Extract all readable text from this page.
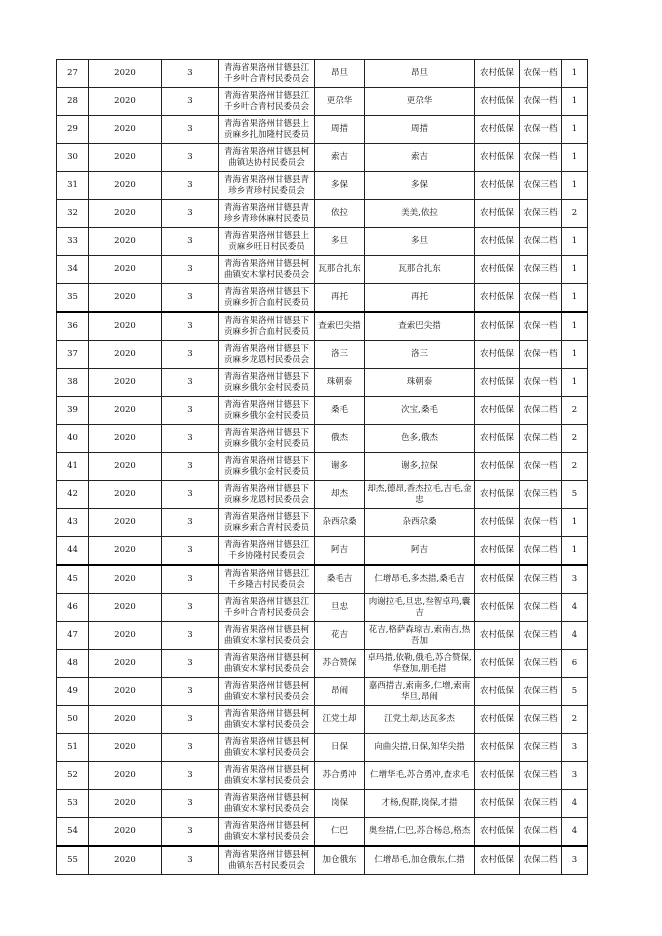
27	2020	3	青海省果洛州甘德县江千乡叶合青村民委员会	昂旦	昂旦	农村低保	农保一档	1
28	2020	3	青海省果洛州甘德县江千乡叶合青村民委员会	更尕华	更尕华	农村低保	农保一档	1
29	2020	3	青海省果洛州甘德县上贡麻乡扎加隆村民委员	周措	周措	农村低保	农保一档	1
30	2020	3	青海省果洛州甘德县柯曲镇达协村民委员会	索吉	索吉	农村低保	农保一档	1
31	2020	3	青海省果洛州甘德县青珍乡青珍村民委员会	多保	多保	农村低保	农保三档	1
32	2020	3	青海省果洛州甘德县青珍乡青珍休麻村民委员	依拉	美美,依拉	农村低保	农保三档	2
33	2020	3	青海省果洛州甘德县上贡麻乡旺日村民委员	多旦	多旦	农村低保	农保二档	1
34	2020	3	青海省果洛州甘德县柯曲镇安木掌村民委员会	瓦那合扎东	瓦那合扎东	农村低保	农保三档	1
35	2020	3	青海省果洛州甘德县下贡麻乡折合血村民委员	再托	再托	农村低保	农保一档	1
36	2020	3	青海省果洛州甘德县下贡麻乡折合血村民委员	查索巴尖措	查索巴尖措	农村低保	农保一档	1
37	2020	3	青海省果洛州甘德县下贡麻乡龙恩村民委员会	洛三	洛三	农村低保	农保一档	1
38	2020	3	青海省果洛州甘德县下贡麻乡俄尔金村民委员	珠朝泰	珠朝泰	农村低保	农保一档	1
39	2020	3	青海省果洛州甘德县下贡麻乡俄尔金村民委员	桑毛	次宝,桑毛	农村低保	农保二档	2
40	2020	3	青海省果洛州甘德县下贡麻乡俄尔金村民委员	俄杰	色多,俄杰	农村低保	农保二档	2
41	2020	3	青海省果洛州甘德县下贡麻乡俄尔金村民委员	谢多	谢多,拉保	农村低保	农保一档	2
42	2020	3	青海省果洛州甘德县下贡麻乡龙恩村民委员会	却杰	却杰,德昂,香杰拉毛,吉毛,金忠	农村低保	农保三档	5
43	2020	3	青海省果洛州甘德县下贡麻乡索合青村民委员	杂西尕桑	杂西尕桑	农村低保	农保一档	1
44	2020	3	青海省果洛州甘德县江千乡协隆村民委员会	阿吉	阿吉	农村低保	农保二档	1
45	2020	3	青海省果洛州甘德县江千乡隆吉村民委员会	桑毛吉	仁增昂毛,多杰措,桑毛吉	农村低保	农保三档	3
46	2020	3	青海省果洛州甘德县江千乡叶合青村民委员会	旦忠	肉谢拉毛,旦忠,叁智卓玛,囊吉	农村低保	农保二档	4
47	2020	3	青海省果洛州甘德县柯曲镇安木掌村民委员会	花吉	花吉,格萨森琼吉,索南吉,热吾加	农村低保	农保三档	4
48	2020	3	青海省果洛州甘德县柯曲镇安木掌村民委员会	苏合赞保	卓玛措,依勒,俄毛,苏合赞保,华登加,朋毛措	农村低保	农保三档	6
49	2020	3	青海省果洛州甘德县柯曲镇安木掌村民委员会	昂闹	嘉西措吉,索南多,仁增,索南华旦,昂闹	农村低保	农保三档	5
50	2020	3	青海省果洛州甘德县柯曲镇安木掌村民委员会	江党土却	江党土却,达瓦多杰	农村低保	农保三档	2
51	2020	3	青海省果洛州甘德县柯曲镇安木掌村民委员会	日保	向曲尖措,日保,知华尖措	农村低保	农保三档	3
52	2020	3	青海省果洛州甘德县柯曲镇安木掌村民委员会	苏合勇冲	仁增华毛,苏合勇冲,查求毛	农村低保	农保三档	3
53	2020	3	青海省果洛州甘德县柯曲镇安木掌村民委员会	岗保	才杨,倪群,岗保,才措	农村低保	农保三档	4
54	2020	3	青海省果洛州甘德县柯曲镇安木掌村民委员会	仁巴	奥叁措,仁巴,苏合杨总,格杰	农村低保	农保二档	4
55	2020	3	青海省果洛州甘德县柯曲镇东吾村民委员会	加仓俄东	仁增昂毛,加仓俄东,仁措	农村低保	农保二档	3
